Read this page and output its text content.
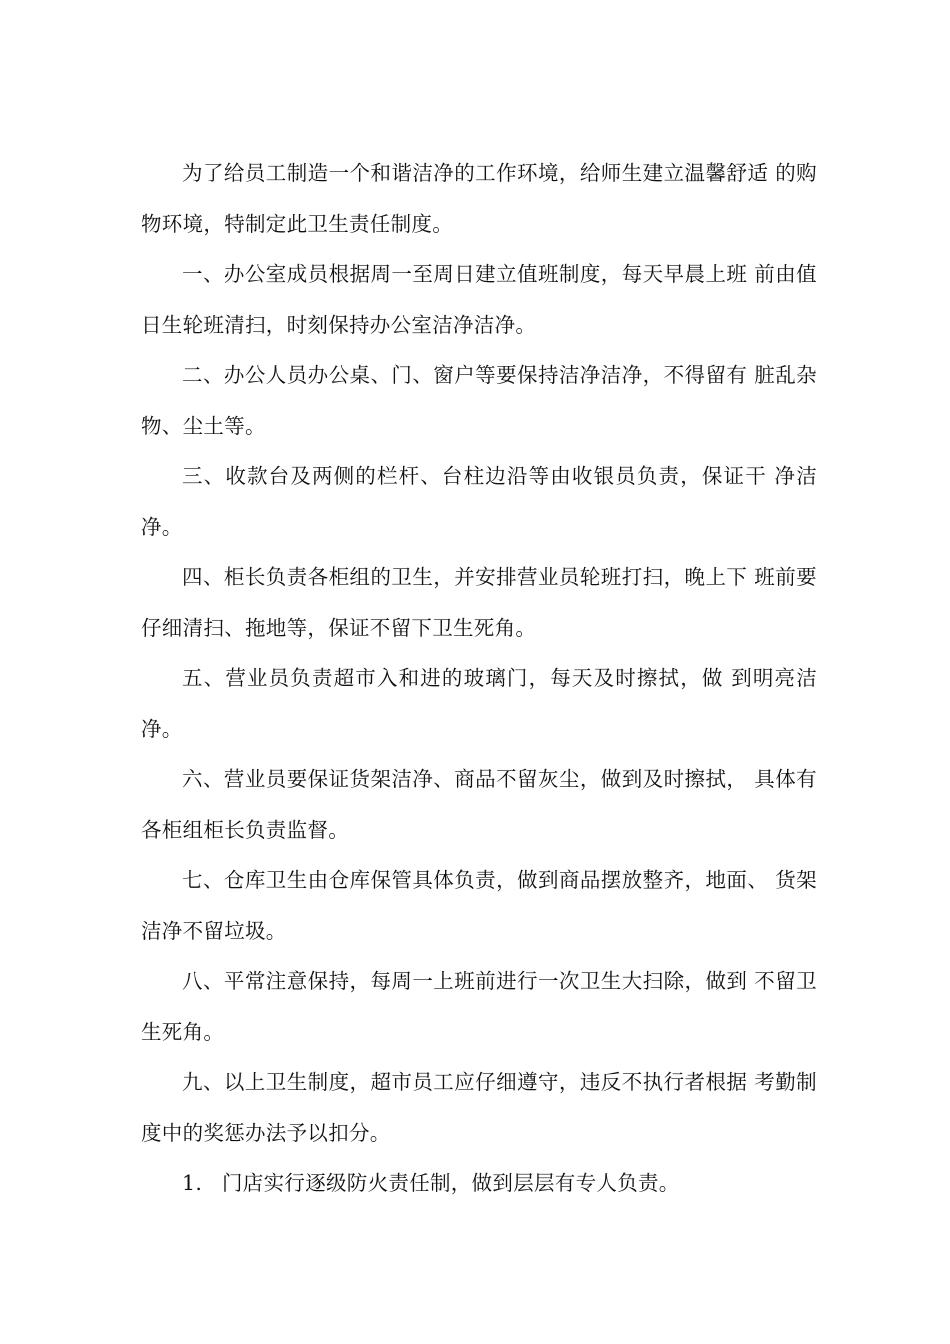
为了给员工制造一个和谐洁净的工作环境，给师生建立温馨舒适 的购物环境，特制定此卫生责任制度。

一、办公室成员根据周一至周日建立值班制度，每天早晨上班 前由值日生轮班清扫，时刻保持办公室洁净洁净。

二、办公人员办公桌、门、窗户等要保持洁净洁净，不得留有 脏乱杂物、尘土等。

三、收款台及两侧的栏杆、台柱边沿等由收银员负责，保证干 净洁净。

四、柜长负责各柜组的卫生，并安排营业员轮班打扫，晚上下 班前要仔细清扫、拖地等，保证不留下卫生死角。

五、营业员负责超市入和进的玻璃门，每天及时擦拭，做 到明亮洁净。

六、营业员要保证货架洁净、商品不留灰尘，做到及时擦拭， 具体有各柜组柜长负责监督。

七、仓库卫生由仓库保管具体负责，做到商品摆放整齐，地面、 货架洁净不留垃圾。

八、平常注意保持，每周一上班前进行一次卫生大扫除，做到 不留卫生死角。

九、以上卫生制度，超市员工应仔细遵守，违反不执行者根据 考勤制度中的奖惩办法予以扣分。

1. 门店实行逐级防火责任制，做到层层有专人负责。
